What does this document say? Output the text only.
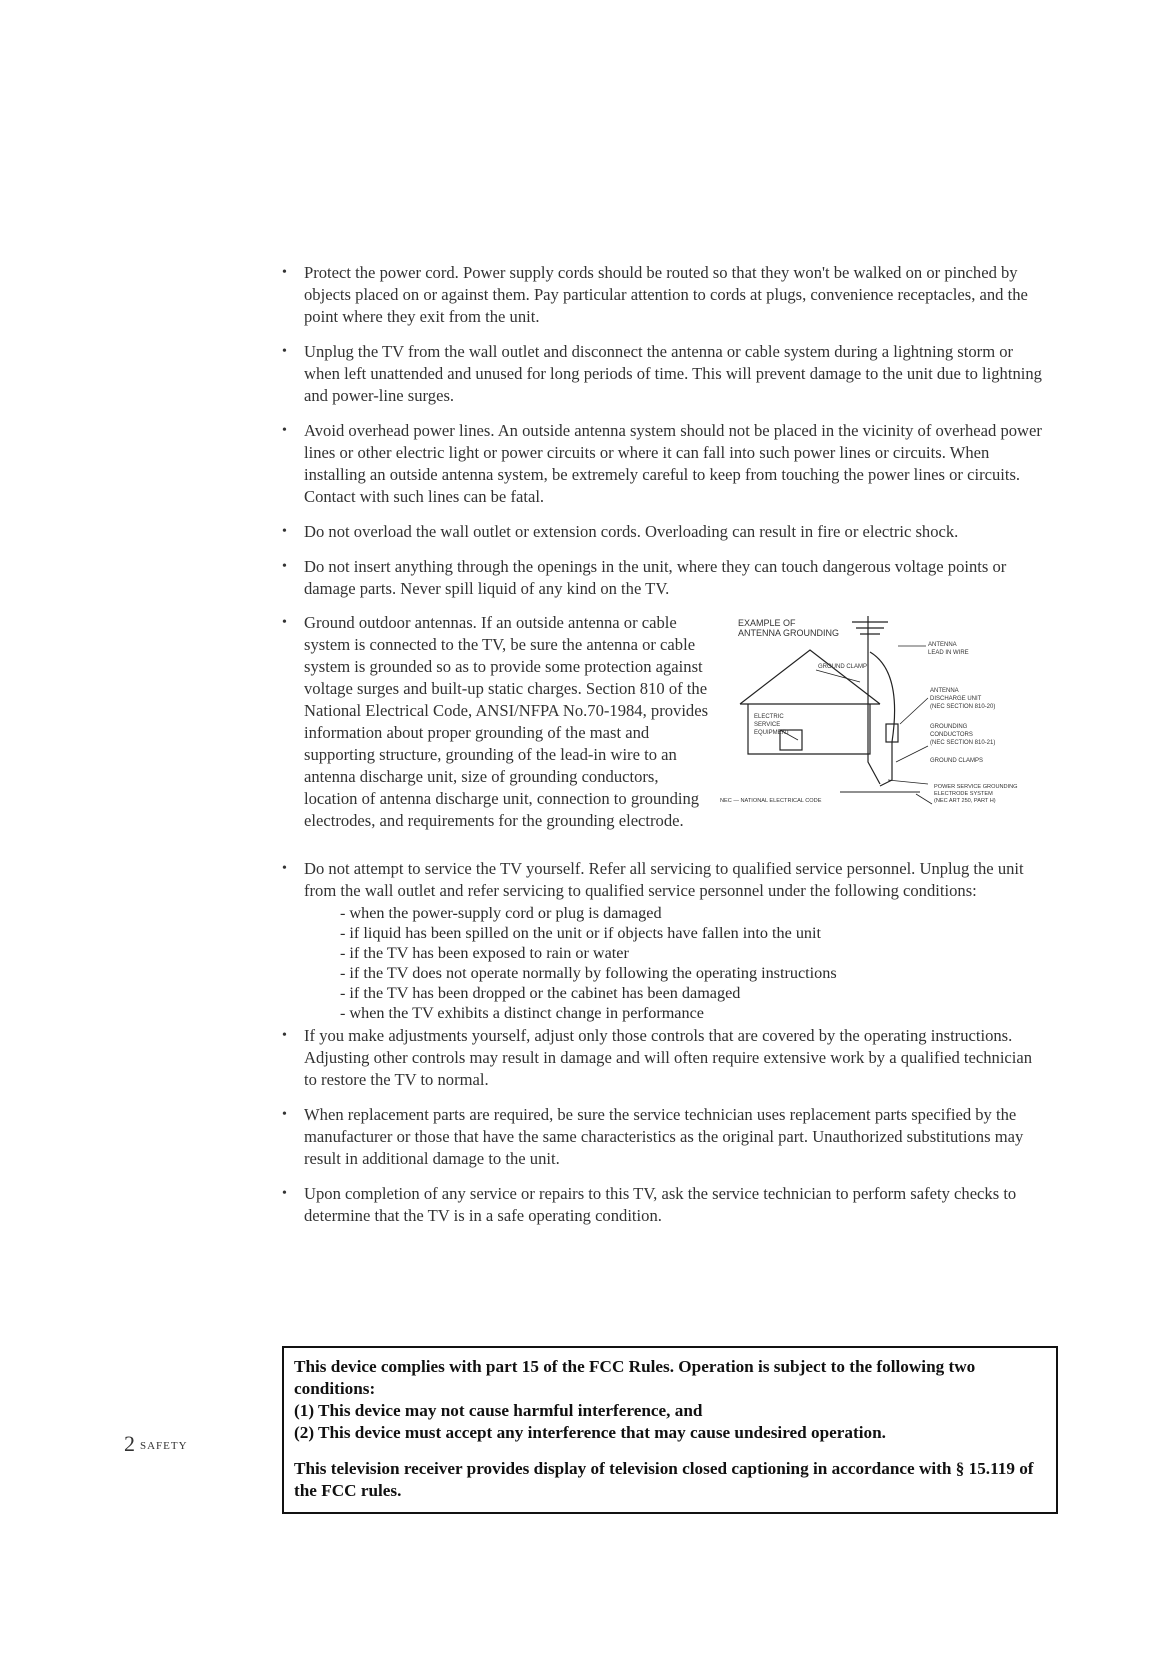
• Protect the power cord. Power supply cords should be routed so that they won't be walked on or pinched by objects placed on or against them. Pay particular attention to cords at plugs, convenience receptacles, and the point where they exit from the unit.
• Unplug the TV from the wall outlet and disconnect the antenna or cable system during a lightning storm or when left unattended and unused for long periods of time. This will prevent damage to the unit due to lightning and power-line surges.
• Avoid overhead power lines. An outside antenna system should not be placed in the vicinity of overhead power lines or other electric light or power circuits or where it can fall into such power lines or circuits. When installing an outside antenna system, be extremely careful to keep from touching the power lines or circuits. Contact with such lines can be fatal.
• Do not overload the wall outlet or extension cords. Overloading can result in fire or electric shock.
• Do not insert anything through the openings in the unit, where they can touch dangerous voltage points or damage parts. Never spill liquid of any kind on the TV.
• Ground outdoor antennas. If an outside antenna or cable system is connected to the TV, be sure the antenna or cable system is grounded so as to provide some protection against voltage surges and built-up static charges. Section 810 of the National Electrical Code, ANSI/NFPA No.70-1984, provides information about proper grounding of the mast and supporting structure, grounding of the lead-in wire to an antenna discharge unit, size of grounding conductors, location of antenna discharge unit, connection to grounding electrodes, and requirements for the grounding electrode.
EXAMPLE OF
ANTENNA GROUNDING
ANTENNA
LEAD IN WIRE
ANTENNA
DISCHARGE UNIT
(NEC SECTION 810-20)
GROUND CLAMP
ELECTRIC
SERVICE
EQUIPMENT
GROUNDING
CONDUCTORS
(NEC SECTION 810-21)
GROUND CLAMPS
POWER SERVICE GROUNDING
ELECTRODE SYSTEM
(NEC ART 250, PART H)
NEC — NATIONAL ELECTRICAL CODE
• Do not attempt to service the TV yourself. Refer all servicing to qualified service personnel. Unplug the unit from the wall outlet and refer servicing to qualified service personnel under the following conditions:
- when the power-supply cord or plug is damaged
- if liquid has been spilled on the unit or if objects have fallen into the unit
- if the TV has been exposed to rain or water
- if the TV does not operate normally by following the operating instructions
- if the TV has been dropped or the cabinet has been damaged
- when the TV exhibits a distinct change in performance
• If you make adjustments yourself, adjust only those controls that are covered by the operating instructions. Adjusting other controls may result in damage and will often require extensive work by a qualified technician to restore the TV to normal.
• When replacement parts are required, be sure the service technician uses replacement parts specified by the manufacturer or those that have the same characteristics as the original part. Unauthorized substitutions may result in additional damage to the unit.
• Upon completion of any service or repairs to this TV, ask the service technician to perform safety checks to determine that the TV is in a safe operating condition.
This device complies with part 15 of the FCC Rules. Operation is subject to the following two conditions:
(1) This device may not cause harmful interference, and
(2) This device must accept any interference that may cause undesired operation.
This television receiver provides display of television closed captioning in accordance with § 15.119 of the FCC rules.
2 SAFETY
